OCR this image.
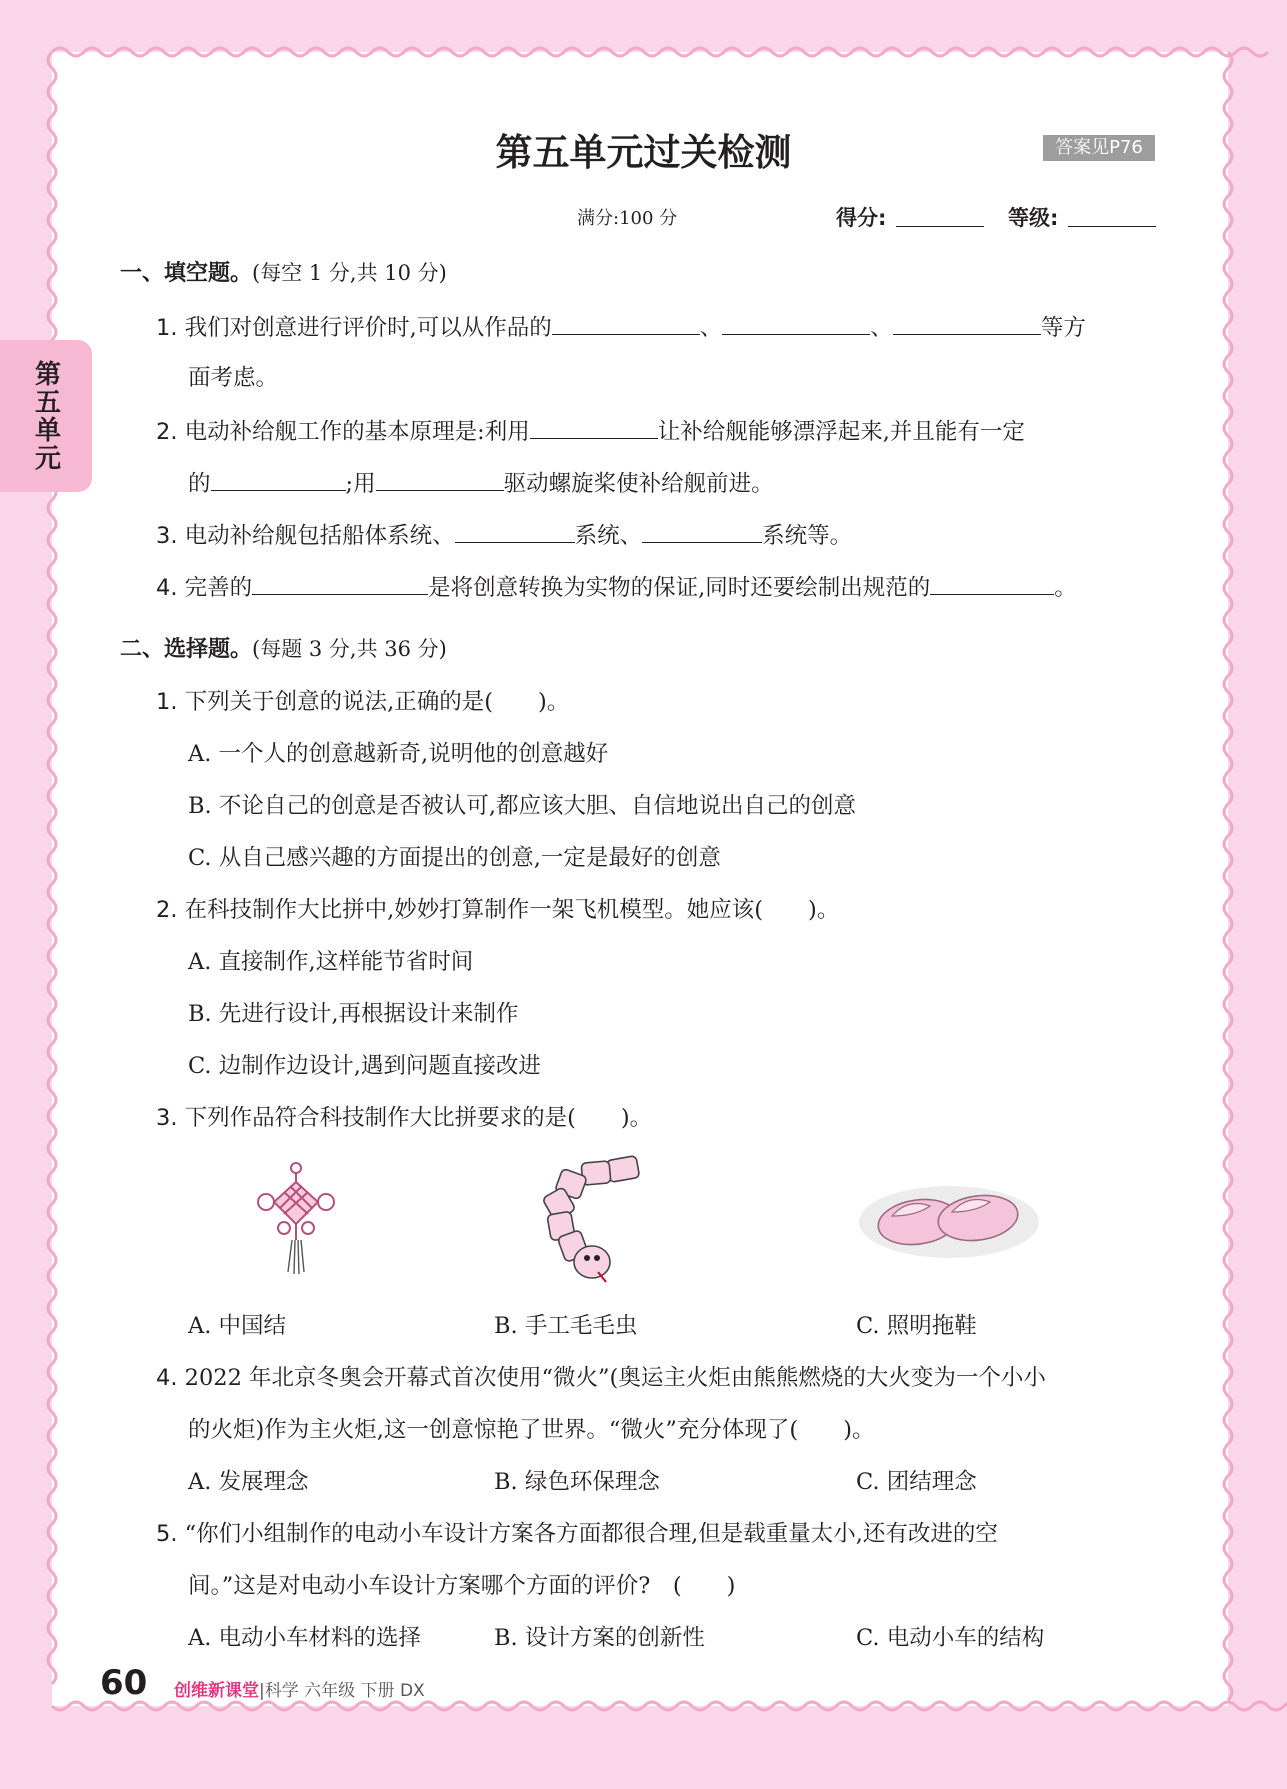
第五单元
第五单元过关检测	答案见P76
满分:100 分	得分:	等级:
一、填空题。(每空 1 分,共 10 分)
1. 我们对创意进行评价时,可以从作品的	、	、	等方
面考虑。
2. 电动补给舰工作的基本原理是:利用	让补给舰能够漂浮起来,并且能有一定
的	;用	驱动螺旋桨使补给舰前进。
3. 电动补给舰包括船体系统、	系统、	系统等。
4. 完善的	是将创意转换为实物的保证,同时还要绘制出规范的	。
二、选择题。(每题 3 分,共 36 分)
1. 下列关于创意的说法,正确的是(　　)。
A. 一个人的创意越新奇,说明他的创意越好
B. 不论自己的创意是否被认可,都应该大胆、自信地说出自己的创意
C. 从自己感兴趣的方面提出的创意,一定是最好的创意
2. 在科技制作大比拼中,妙妙打算制作一架飞机模型。她应该(　　)。
A. 直接制作,这样能节省时间
B. 先进行设计,再根据设计来制作
C. 边制作边设计,遇到问题直接改进
3. 下列作品符合科技制作大比拼要求的是(　　)。
A. 中国结	B. 手工毛毛虫	C. 照明拖鞋
4. 2022 年北京冬奥会开幕式首次使用“微火”(奥运主火炬由熊熊燃烧的大火变为一个小小
的火炬)作为主火炬,这一创意惊艳了世界。“微火”充分体现了(　　)。
A. 发展理念	B. 绿色环保理念	C. 团结理念
5. “你们小组制作的电动小车设计方案各方面都很合理,但是载重量太小,还有改进的空
间。”这是对电动小车设计方案哪个方面的评价?　(　　)
A. 电动小车材料的选择	B. 设计方案的创新性	C. 电动小车的结构
60 创维新课堂|科学 六年级 下册 DX
